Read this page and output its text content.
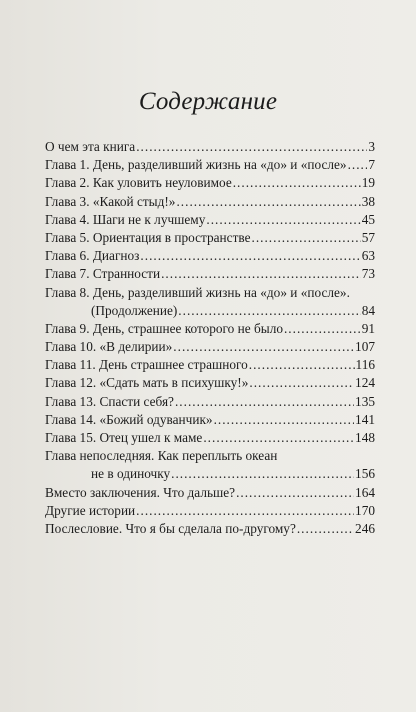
Содержание
О чем эта книга .....	3
Глава 1. День, разделивший жизнь на «до» и «после» ..... 7
Глава 2. Как уловить неуловимое .....	19
Глава 3. «Какой стыд!» .....	38
Глава 4. Шаги не к лучшему .....	45
Глава 5. Ориентация в пространстве .....	57
Глава 6. Диагноз .....	63
Глава 7. Странности .....	73
Глава 8. День, разделивший жизнь на «до» и «после».
(Продолжение) .....	84
Глава 9. День, страшнее которого не было .....	91
Глава 10. «В делирии» .....	107
Глава 11. День страшнее страшного .....	116
Глава 12. «Сдать мать в психушку!» .....	124
Глава 13. Спасти себя? .....	135
Глава 14. «Божий одуванчик» .....	141
Глава 15. Отец ушел к маме .....	148
Глава непоследняя. Как переплыть океан
не в одиночку .....	156
Вместо заключения. Что дальше? .....	164
Другие истории .....	170
Послесловие. Что я бы сделала по-другому? .....	246
